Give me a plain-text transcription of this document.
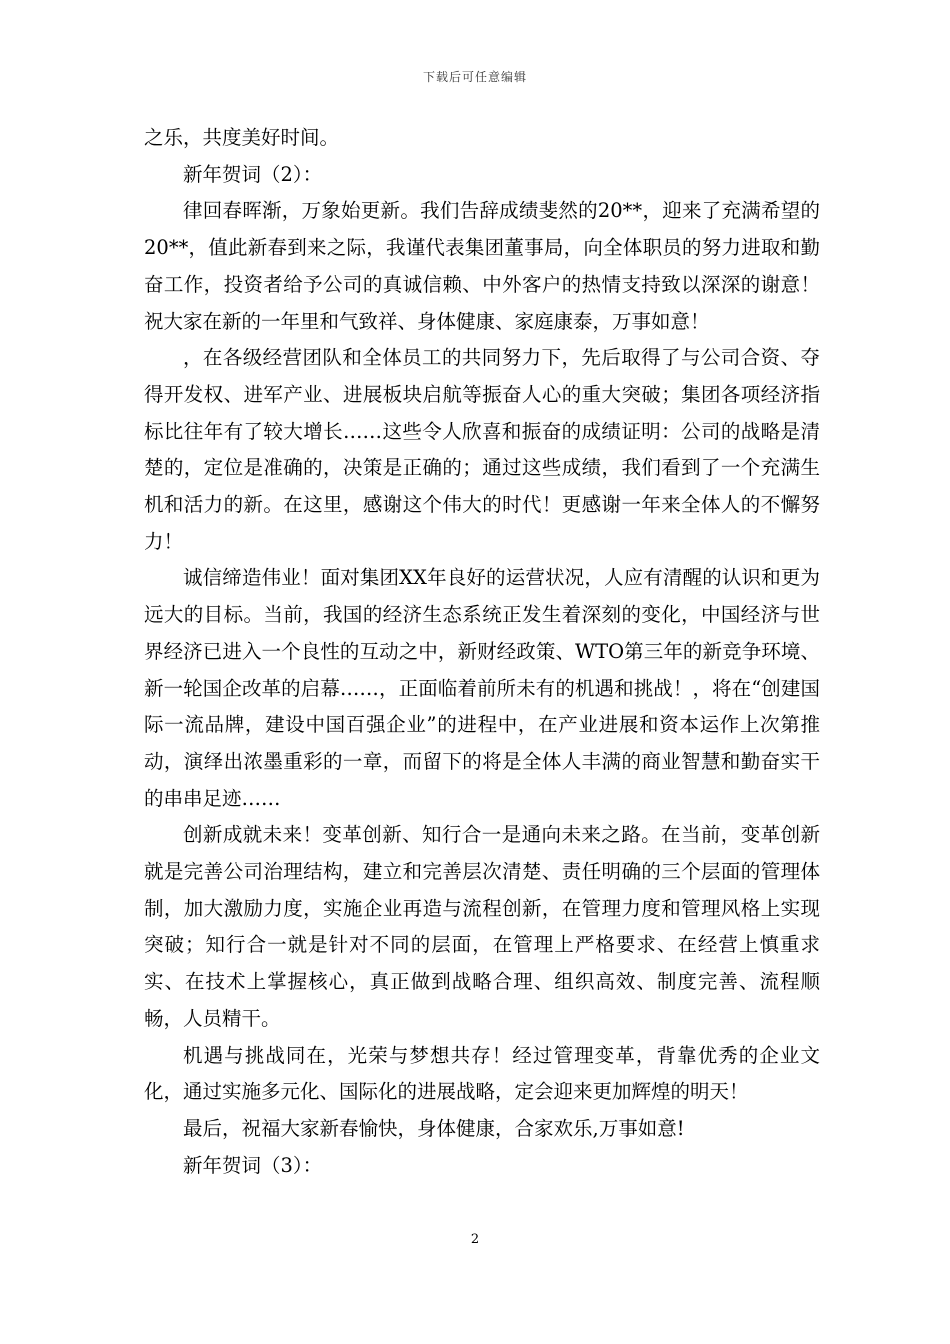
下载后可任意编辑

之乐，共度美好时间。

新年贺词（2）：

律回春晖渐，万象始更新。我们告辞成绩斐然的20**，迎来了充满希望的20**，值此新春到来之际，我谨代表集团董事局，向全体职员的努力进取和勤奋工作，投资者给予公司的真诚信赖、中外客户的热情支持致以深深的谢意！祝大家在新的一年里和气致祥、身体健康、家庭康泰，万事如意！

，在各级经营团队和全体员工的共同努力下，先后取得了与公司合资、夺得开发权、进军产业、进展板块启航等振奋人心的重大突破；集团各项经济指标比往年有了较大增长……这些令人欣喜和振奋的成绩证明：公司的战略是清楚的，定位是准确的，决策是正确的；通过这些成绩，我们看到了一个充满生机和活力的新。在这里，感谢这个伟大的时代！更感谢一年来全体人的不懈努力！

诚信缔造伟业！面对集团XX年良好的运营状况，人应有清醒的认识和更为远大的目标。当前，我国的经济生态系统正发生着深刻的变化，中国经济与世界经济已进入一个良性的互动之中，新财经政策、WTO第三年的新竞争环境、新一轮国企改革的启幕……，正面临着前所未有的机遇和挑战！，将在“创建国际一流品牌，建设中国百强企业”的进程中，在产业进展和资本运作上次第推动，演绎出浓墨重彩的一章，而留下的将是全体人丰满的商业智慧和勤奋实干的串串足迹……

创新成就未来！变革创新、知行合一是通向未来之路。在当前，变革创新就是完善公司治理结构，建立和完善层次清楚、责任明确的三个层面的管理体制，加大激励力度，实施企业再造与流程创新，在管理力度和管理风格上实现突破；知行合一就是针对不同的层面，在管理上严格要求、在经营上慎重求实、在技术上掌握核心，真正做到战略合理、组织高效、制度完善、流程顺畅，人员精干。

机遇与挑战同在，光荣与梦想共存！经过管理变革，背靠优秀的企业文化，通过实施多元化、国际化的进展战略，定会迎来更加辉煌的明天！

最后，祝福大家新春愉快，身体健康，合家欢乐,万事如意!

新年贺词（3）：

2
